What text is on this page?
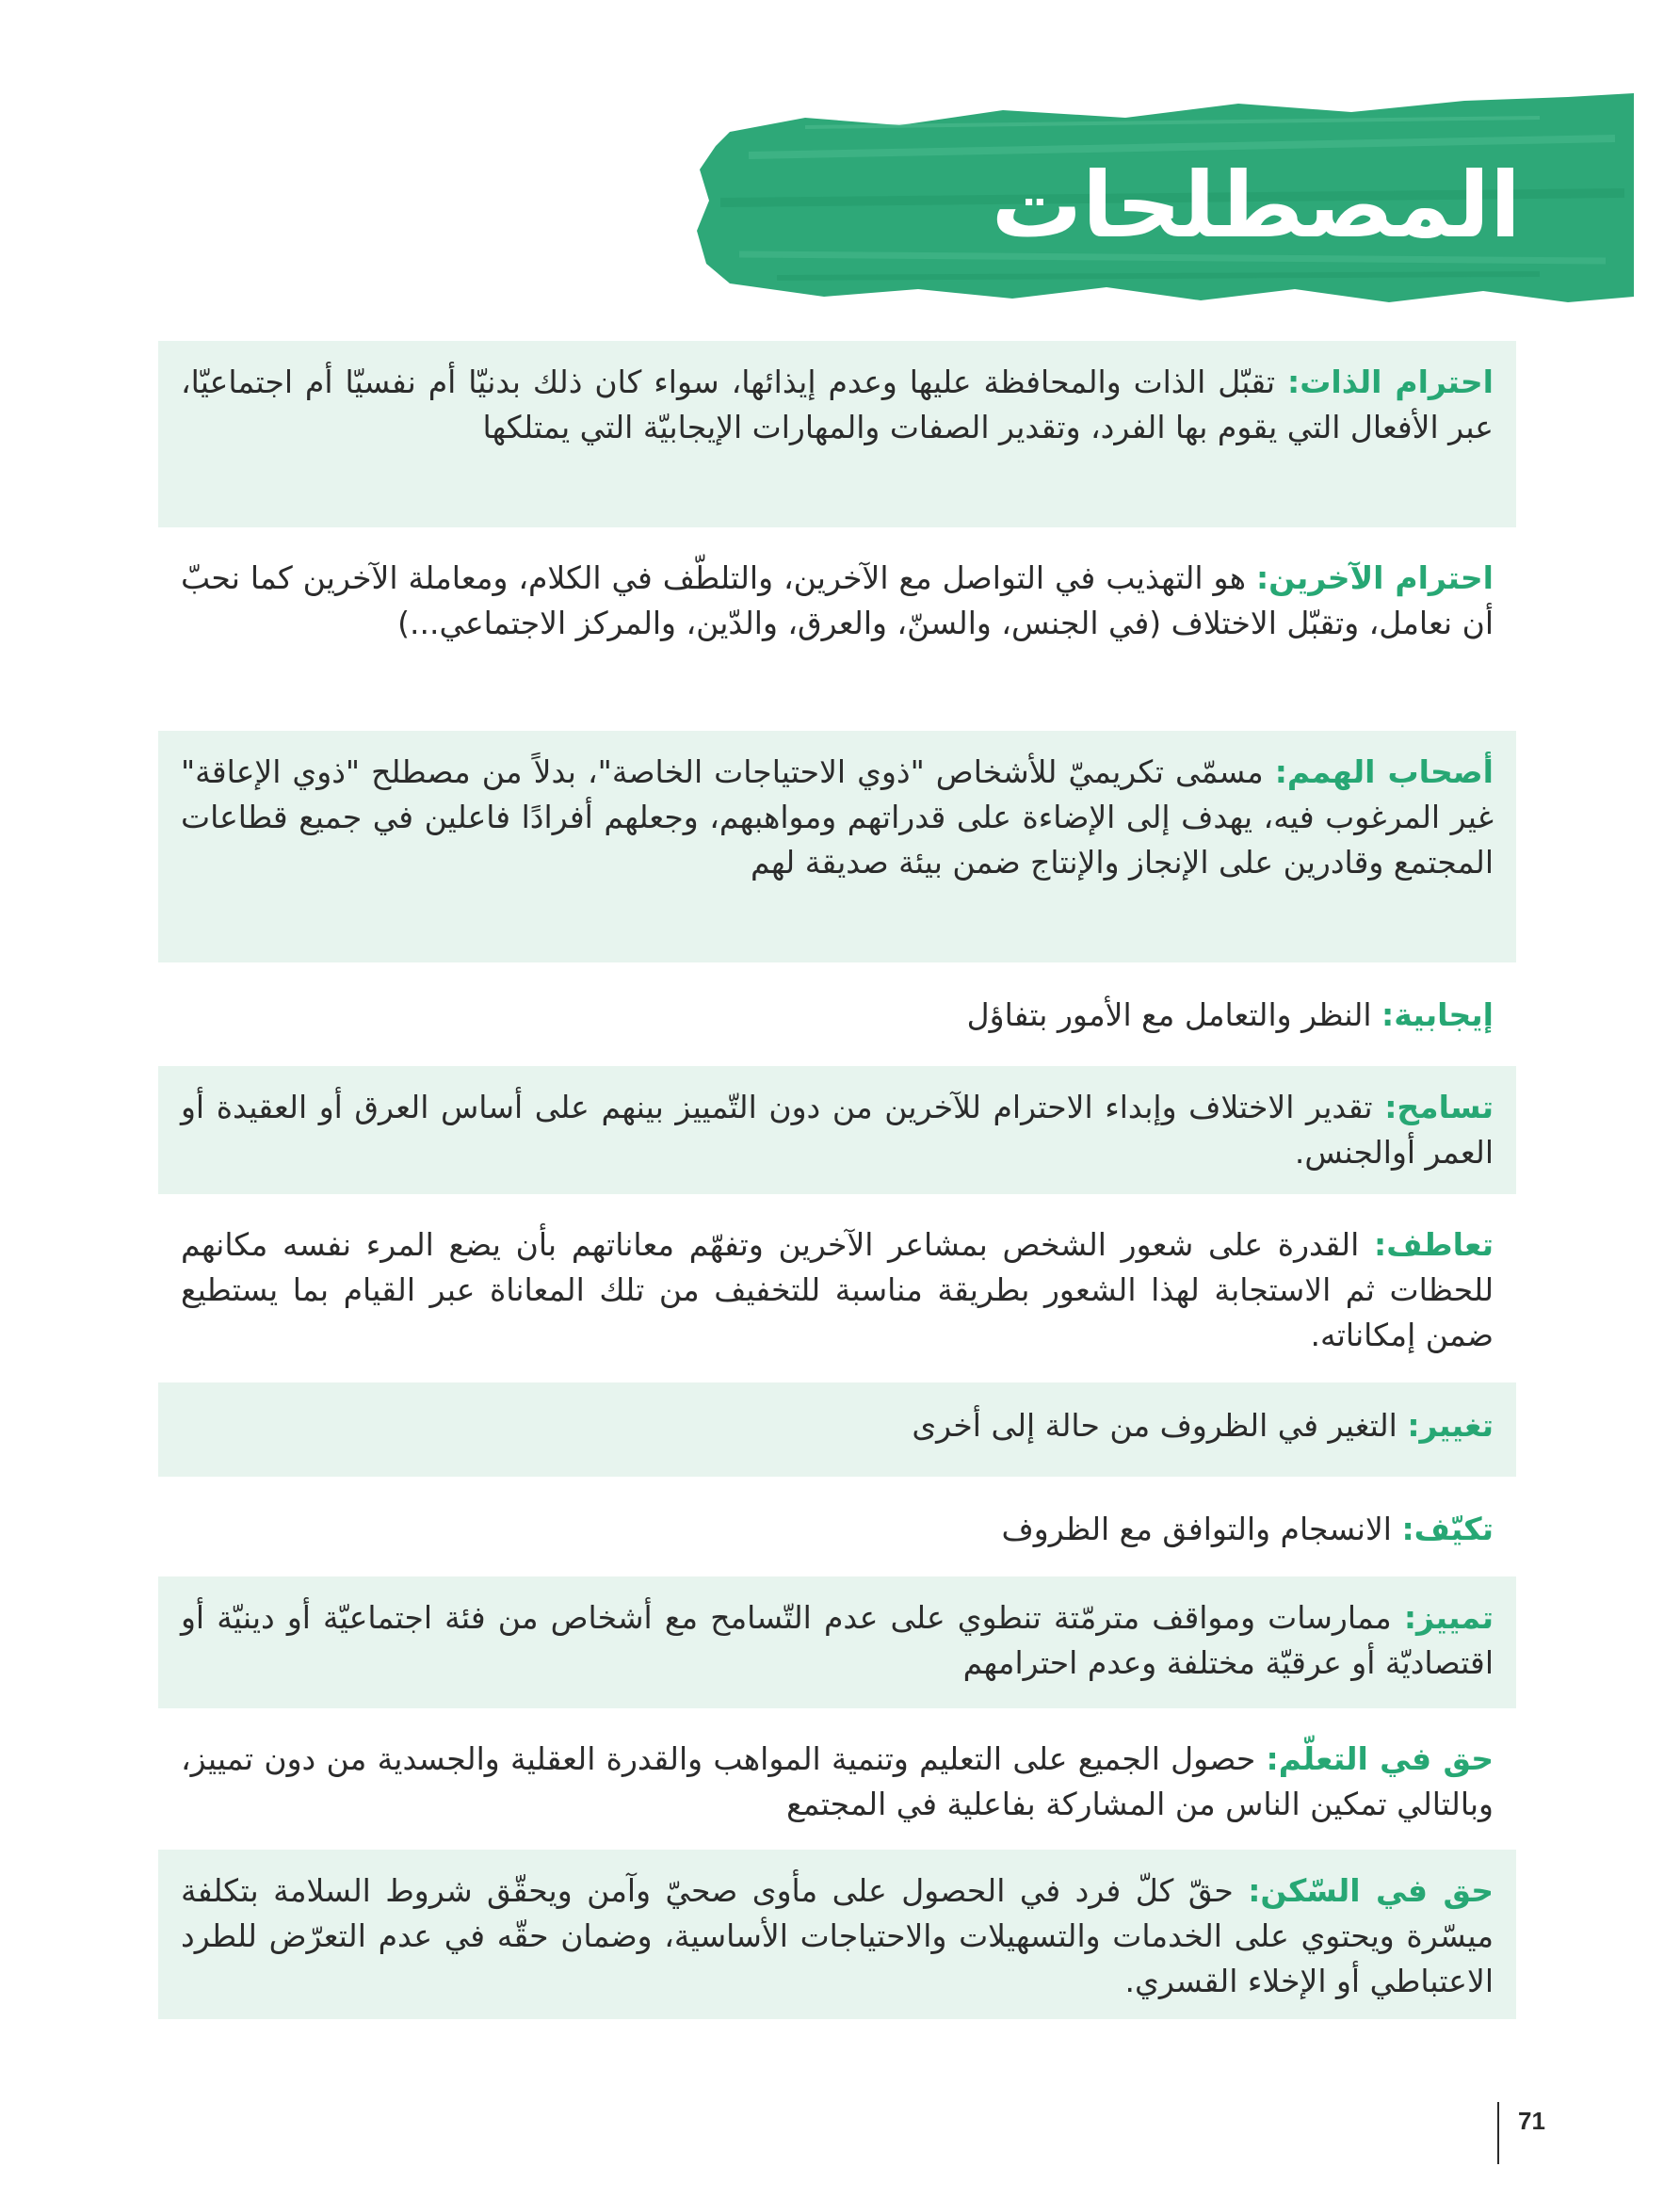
المصطلحات
احترام الذات: تقبّل الذات والمحافظة عليها وعدم إيذائها، سواء كان ذلك بدنيّا أم نفسيّا أم اجتماعيّا، عبر الأفعال التي يقوم بها الفرد، وتقدير الصفات والمهارات الإيجابيّة التي يمتلكها
احترام الآخرين: هو التهذيب في التواصل مع الآخرين، والتلطّف في الكلام، ومعاملة الآخرين كما نحبّ أن نعامل، وتقبّل الاختلاف (في الجنس، والسنّ، والعرق، والدّين، والمركز الاجتماعي...)
أصحاب الهمم: مسمّى تكريميّ للأشخاص "ذوي الاحتياجات الخاصة"، بدلاً من مصطلح "ذوي الإعاقة" غير المرغوب فيه، يهدف إلى الإضاءة على قدراتهم ومواهبهم، وجعلهم أفرادًا فاعلين في جميع قطاعات المجتمع وقادرين على الإنجاز والإنتاج ضمن بيئة صديقة لهم
إيجابية: النظر والتعامل مع الأمور بتفاؤل
تسامح: تقدير الاختلاف وإبداء الاحترام للآخرين من دون التّمييز بينهم على أساس العرق أو العقيدة أو العمر أوالجنس.
تعاطف: القدرة على شعور الشخص بمشاعر الآخرين وتفهّم معاناتهم بأن يضع المرء نفسه مكانهم للحظات ثم الاستجابة لهذا الشعور بطريقة مناسبة للتخفيف من تلك المعاناة عبر القيام بما يستطيع ضمن إمكاناته.
تغيير: التغير في الظروف من حالة إلى أخرى
تكيّف: الانسجام والتوافق مع الظروف
تمييز: ممارسات ومواقف مترمّتة تنطوي على عدم التّسامح مع أشخاص من فئة اجتماعيّة أو دينيّة أو اقتصاديّة أو عرقيّة مختلفة وعدم احترامهم
حق في التعلّم: حصول الجميع على التعليم وتنمية المواهب والقدرة العقلية والجسدية من دون تمييز، وبالتالي تمكين الناس من المشاركة بفاعلية في المجتمع
حق في السّكن: حقّ كلّ فرد في الحصول على مأوى صحيّ وآمن ويحقّق شروط السلامة بتكلفة ميسّرة ويحتوي على الخدمات والتسهيلات والاحتياجات الأساسية، وضمان حقّه في عدم التعرّض للطرد الاعتباطي أو الإخلاء القسري.
71
